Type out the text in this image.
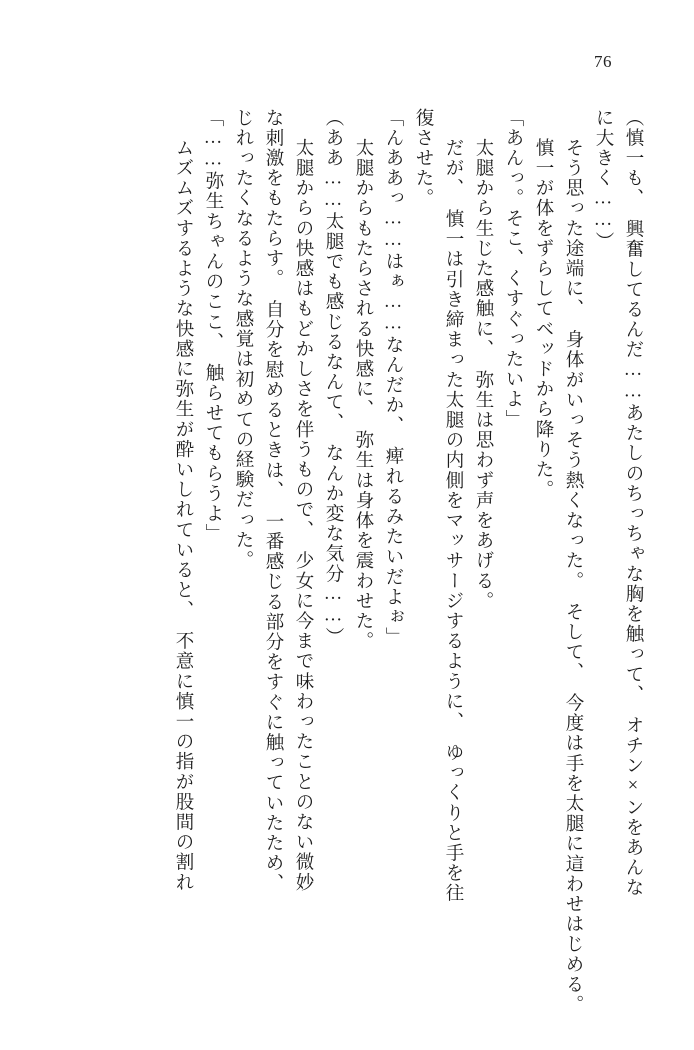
76
（慎一も、　興奮してるんだ……あたしのちっちゃな胸を触って、　オチン×ンをあんな
に大きく……）
　そう思った途端に、　身体がいっそう熱くなった。　そして、　今度は手を太腿に這わせはじめる。
　慎一が体をずらしてベッドから降りた。
「あんっ。そこ、くすぐったいよ」
　太腿から生じた感触に、　弥生は思わず声をあげる。
　だが、　慎一は引き締まった太腿の内側をマッサージするように、　ゆっくりと手を往
復させた。
「んああっ……はぁ……なんだか、　痺れるみたいだよぉ」
　太腿からもたらされる快感に、　弥生は身体を震わせた。
（ああ……太腿でも感じるなんて、　なんか変な気分……）
　太腿からの快感はもどかしさを伴うもので、　少女に今まで味わったことのない微妙
な刺激をもたらす。　自分を慰めるときは、　一番感じる部分をすぐに触っていたため、
じれったくなるような感覚は初めての経験だった。
「……弥生ちゃんのここ、　触らせてもらうよ」
　ムズムズするような快感に弥生が酔いしれていると、　不意に慎一の指が股間の割れ
